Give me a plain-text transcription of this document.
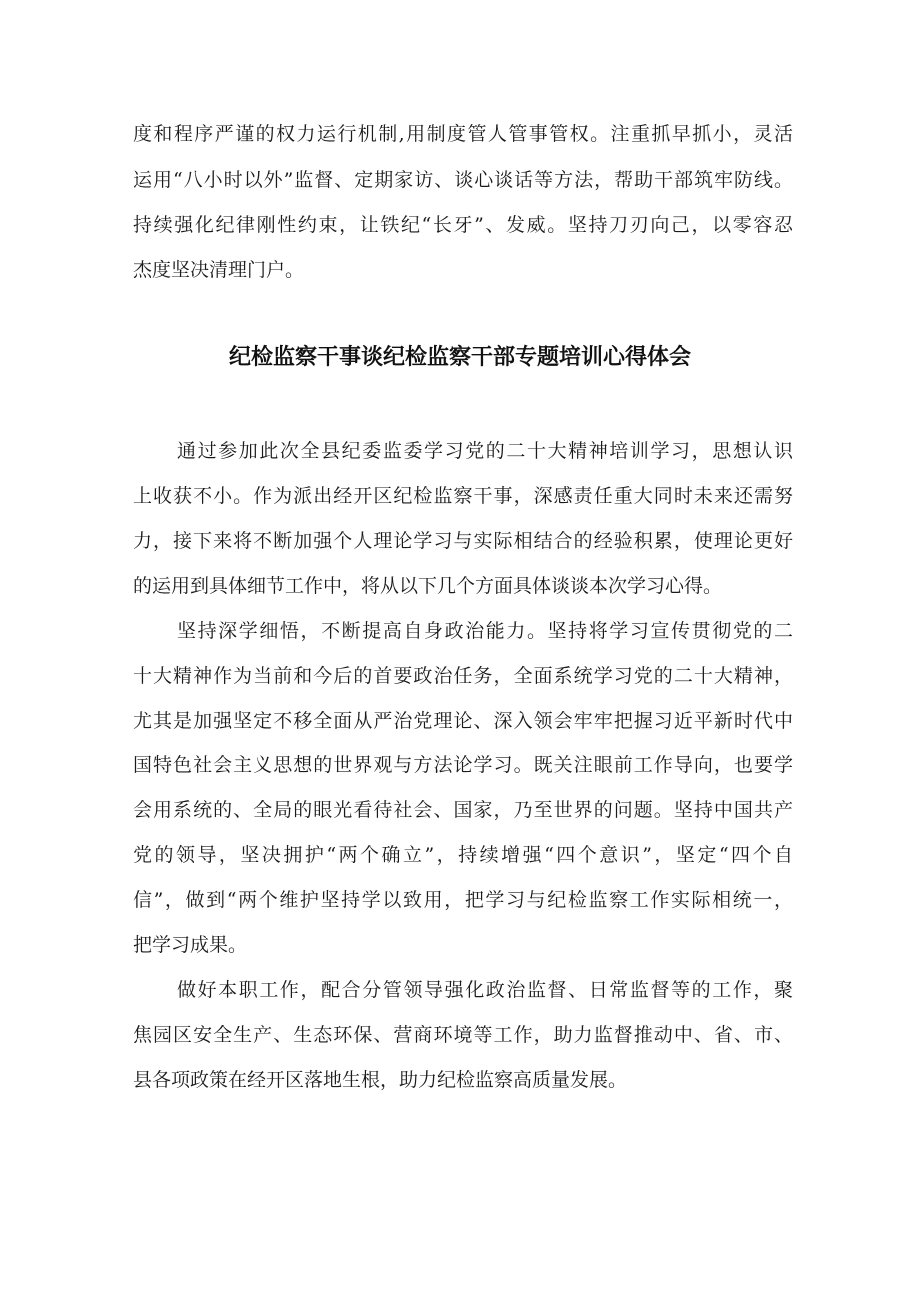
度和程序严谨的权力运行机制,用制度管人管事管权。注重抓早抓小，灵活
运用“八小时以外”监督、定期家访、谈心谈话等方法，帮助干部筑牢防线。
持续强化纪律刚性约束，让铁纪“长牙”、发威。坚持刀刃向己，以零容忍
杰度坚决清理门户。
纪检监察干事谈纪检监察干部专题培训心得体会
通过参加此次全县纪委监委学习党的二十大精神培训学习，思想认识
上收获不小。作为派出经开区纪检监察干事，深感责任重大同时未来还需努
力，接下来将不断加强个人理论学习与实际相结合的经验积累，使理论更好
的运用到具体细节工作中，将从以下几个方面具体谈谈本次学习心得。
坚持深学细悟，不断提高自身政治能力。坚持将学习宣传贯彻党的二
十大精神作为当前和今后的首要政治任务，全面系统学习党的二十大精神，
尤其是加强坚定不移全面从严治党理论、深入领会牢牢把握习近平新时代中
国特色社会主义思想的世界观与方法论学习。既关注眼前工作导向，也要学
会用系统的、全局的眼光看待社会、国家，乃至世界的问题。坚持中国共产
党的领导，坚决拥护“两个确立”，持续增强“四个意识”，坚定“四个自
信”，做到“两个维护坚持学以致用，把学习与纪检监察工作实际相统一，
把学习成果。
做好本职工作，配合分管领导强化政治监督、日常监督等的工作，聚
焦园区安全生产、生态环保、营商环境等工作，助力监督推动中、省、市、
县各项政策在经开区落地生根，助力纪检监察高质量发展。
